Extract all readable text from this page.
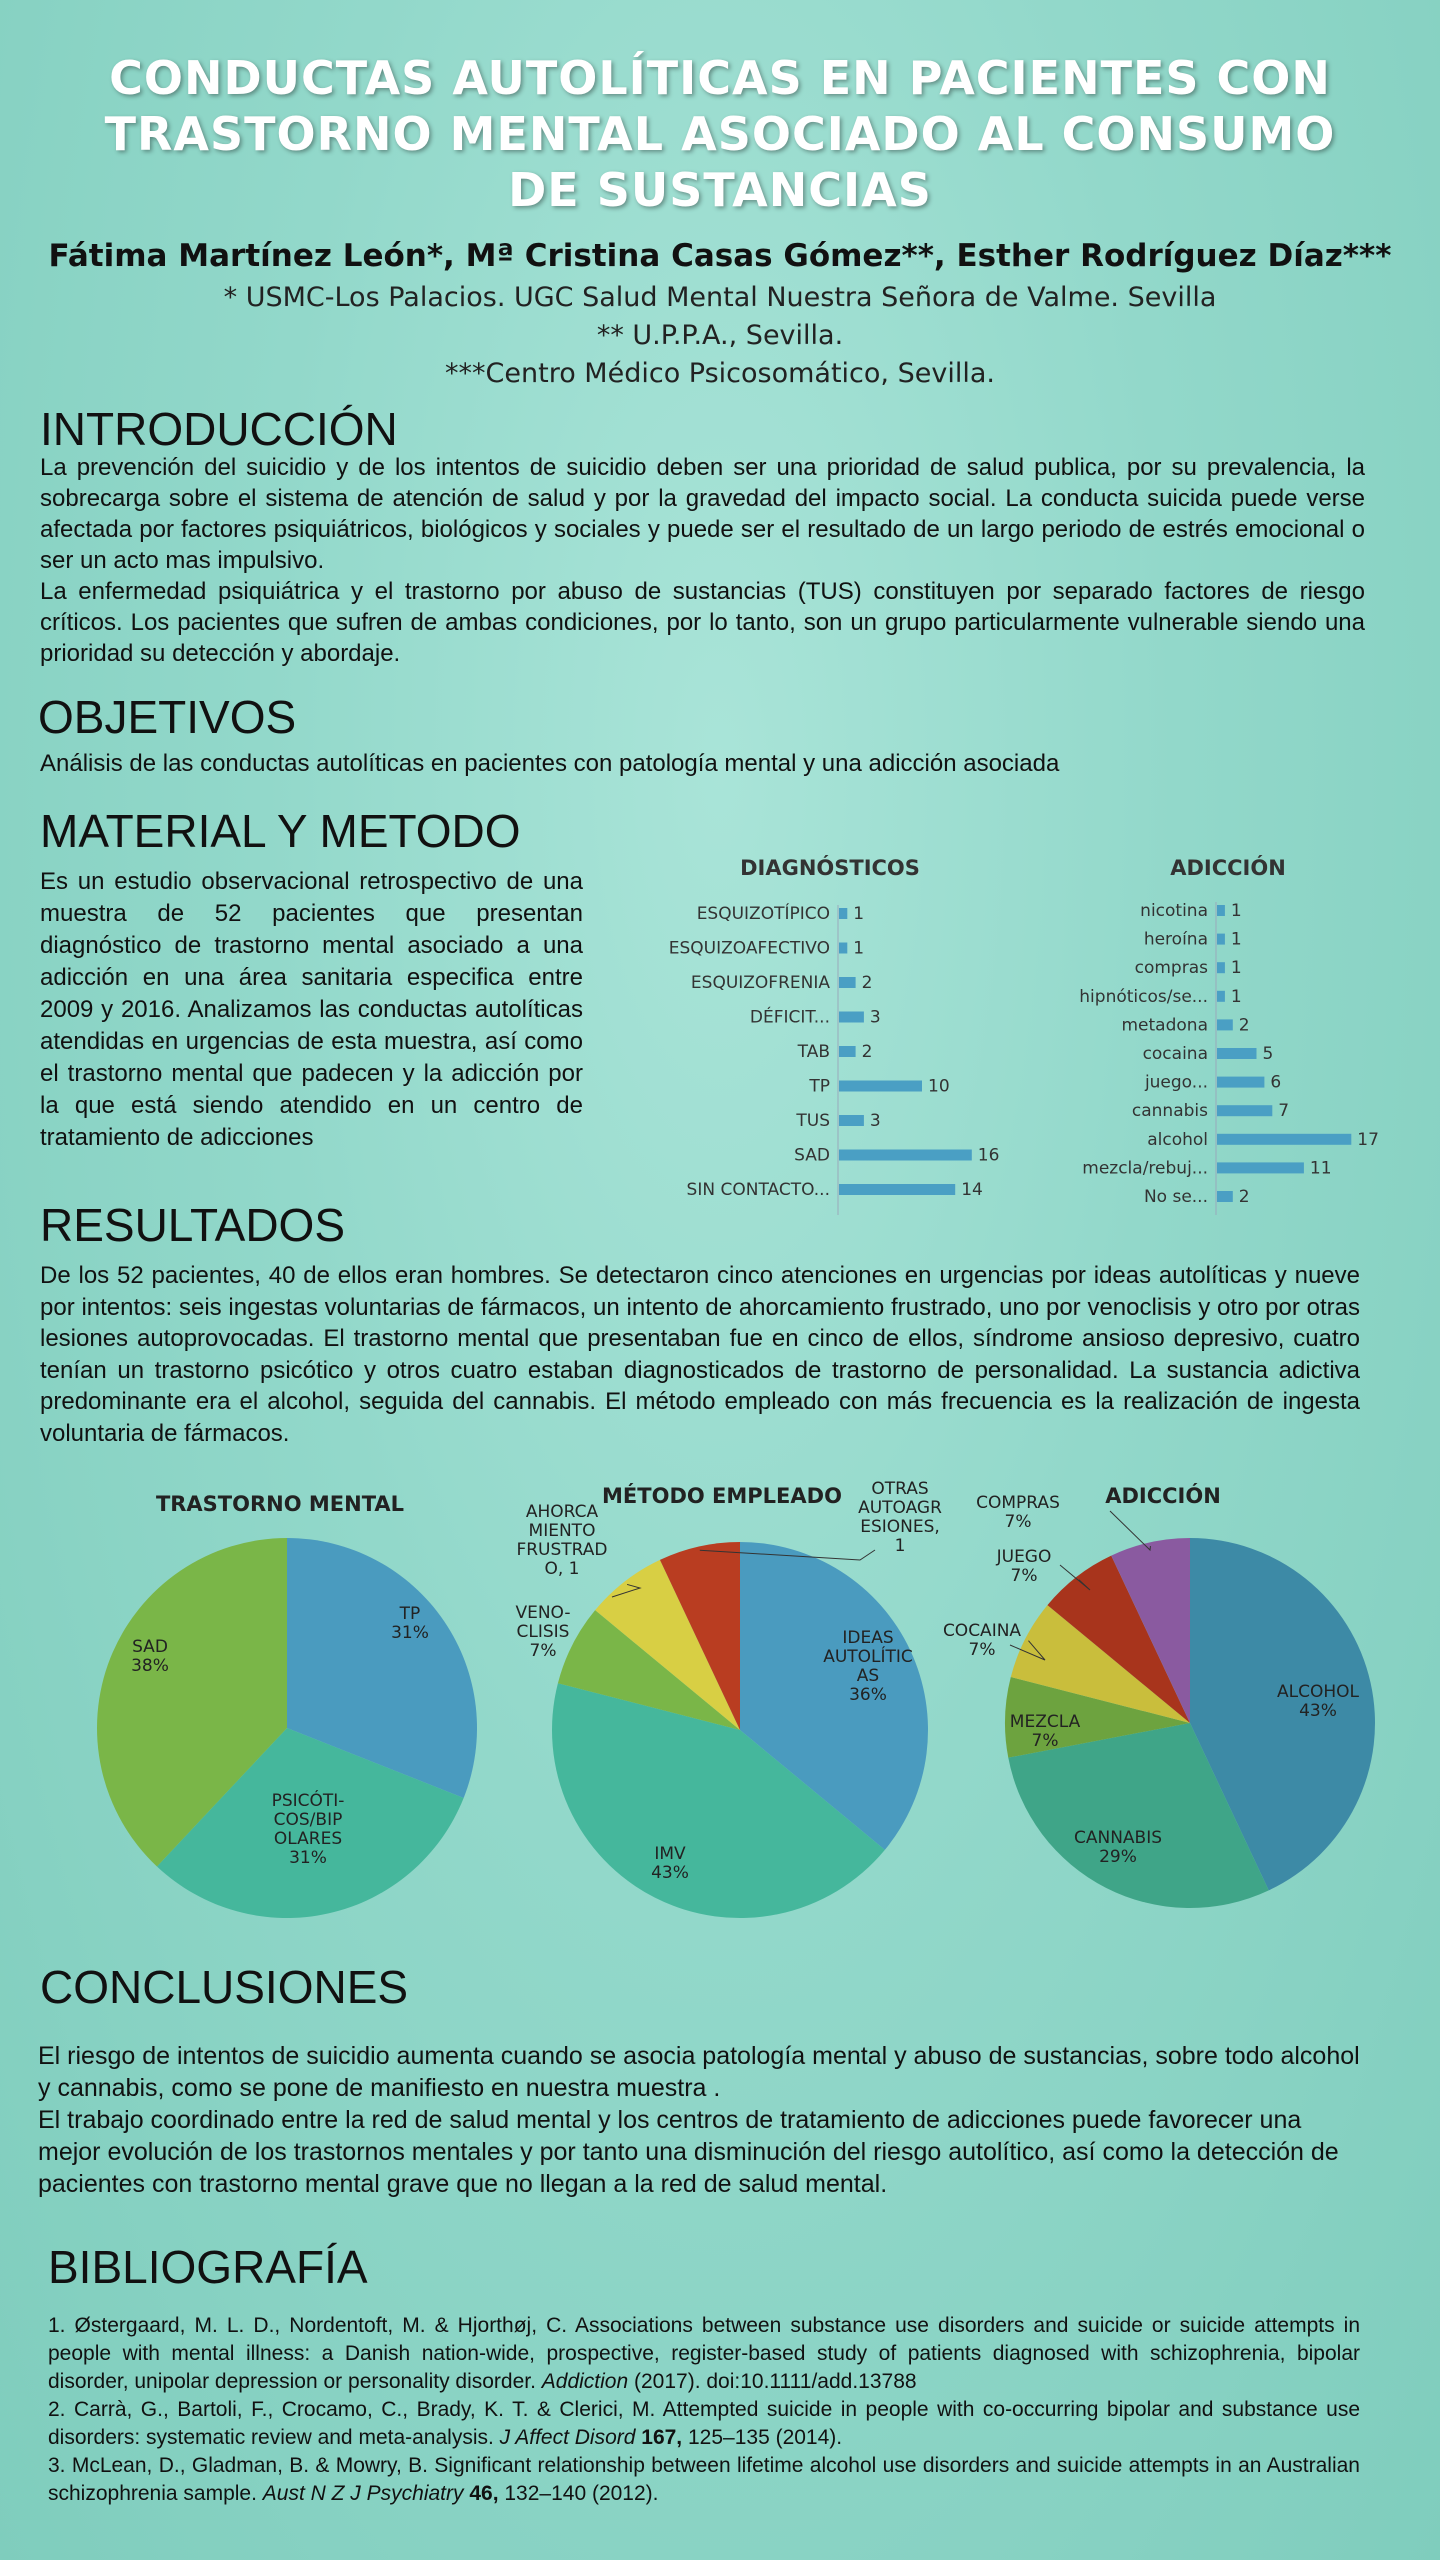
CONDUCTAS AUTOLÍTICAS EN PACIENTES CON
TRASTORNO MENTAL ASOCIADO AL CONSUMO
DE SUSTANCIAS
Fátima Martínez León*, Mª Cristina Casas Gómez**, Esther Rodríguez Díaz***
* USMC-Los Palacios. UGC Salud Mental Nuestra Señora de Valme. Sevilla
** U.P.P.A., Sevilla.
***Centro Médico Psicosomático, Sevilla.
INTRODUCCIÓN

La prevención del suicidio y de los intentos de suicidio deben ser una prioridad de salud publica, por su prevalencia, la sobrecarga sobre el sistema de atención de salud y por la gravedad del impacto social. La conducta suicida puede verse afectada por factores psiquiátricos, biológicos y sociales y puede ser el resultado de un largo periodo de estrés emocional o ser un acto mas impulsivo.

La enfermedad psiquiátrica y el trastorno por abuso de sustancias (TUS) constituyen por separado factores de riesgo críticos. Los pacientes que sufren de ambas condiciones, por lo tanto, son un grupo particularmente vulnerable siendo una prioridad su detección y abordaje.

OBJETIVOS
Análisis de las conductas autolíticas en pacientes con patología mental y una adicción asociada
MATERIAL Y METODO
Es un estudio observacional retrospectivo de una muestra de 52 pacientes que presentan diagnóstico de trastorno mental asociado a una adicción en una área sanitaria especifica entre 2009 y 2016. Analizamos las conductas autolíticas atendidas en urgencias de esta muestra, así como el trastorno mental que padecen y la adicción por la que está siendo atendido en un centro de tratamiento de adicciones
DIAGNÓSTICOS
ESQUIZOTÍPICO 1
ESQUIZOAFECTIVO 1
ESQUIZOFRENIA 2
DÉFICIT... 3
TAB 2
TP	10
TUS 3
SAD	16
SIN CONTACTO...	14
ADICCIÓN
nicotina 1
heroína 1
compras 1
hipnóticos/se... 1
metadona 2
cocaina	5
juego...	6
cannabis	7
alcohol	17
mezcla/rebuj...	11
No se... 2
RESULTADOS
De los 52 pacientes, 40 de ellos eran hombres. Se detectaron cinco atenciones en urgencias por ideas autolíticas y nueve por intentos: seis ingestas voluntarias de fármacos, un intento de ahorcamiento frustrado, uno por venoclisis y otro por otras lesiones autoprovocadas. El trastorno mental que presentaban fue en cinco de ellos, síndrome ansioso depresivo, cuatro tenían un trastorno psicótico y otros cuatro estaban diagnosticados de trastorno de personalidad. La sustancia adictiva predominante era el alcohol, seguida del cannabis. El método empleado con más frecuencia es la realización de ingesta voluntaria de fármacos.
TRASTORNO MENTAL	MÉTODO EMPLEADO	ADICCIÓN
TP 31%
PSICÓTI-COS/BIP OLARES 31%
SAD 38%
IDEAS AUTOLÍTIC AS 36%
IMV 43%
VENO-CLISIS 7%
AHORCA MIENTO FRUSTRAD O, 1
OTRAS AUTOAGR ESIONES, 1
ALCOHOL 43%
CANNABIS 29%
MEZCLA 7%
COCAINA 7%
JUEGO 7%
COMPRAS 7%
CONCLUSIONES

El riesgo de intentos de suicidio aumenta cuando se asocia patología mental y abuso de sustancias, sobre todo alcohol y cannabis, como se pone de manifiesto en nuestra muestra .

El trabajo coordinado entre la red de salud mental y los centros de tratamiento de adicciones puede favorecer una mejor evolución de los trastornos mentales y por tanto una disminución del riesgo autolítico, así como la detección de pacientes con trastorno mental grave que no llegan a la red de salud mental.

BIBLIOGRAFÍA

1. Østergaard, M. L. D., Nordentoft, M. & Hjorthøj, C. Associations between substance use disorders and suicide or suicide attempts in people with mental illness: a Danish nation-wide, prospective, register-based study of patients diagnosed with schizophrenia, bipolar disorder, unipolar depression or personality disorder. Addiction (2017). doi:10.1111/add.13788

2. Carrà, G., Bartoli, F., Crocamo, C., Brady, K. T. & Clerici, M. Attempted suicide in people with co-occurring bipolar and substance use disorders: systematic review and meta-analysis. J Affect Disord 167, 125–135 (2014).

3. McLean, D., Gladman, B. & Mowry, B. Significant relationship between lifetime alcohol use disorders and suicide attempts in an Australian schizophrenia sample. Aust N Z J Psychiatry 46, 132–140 (2012).
